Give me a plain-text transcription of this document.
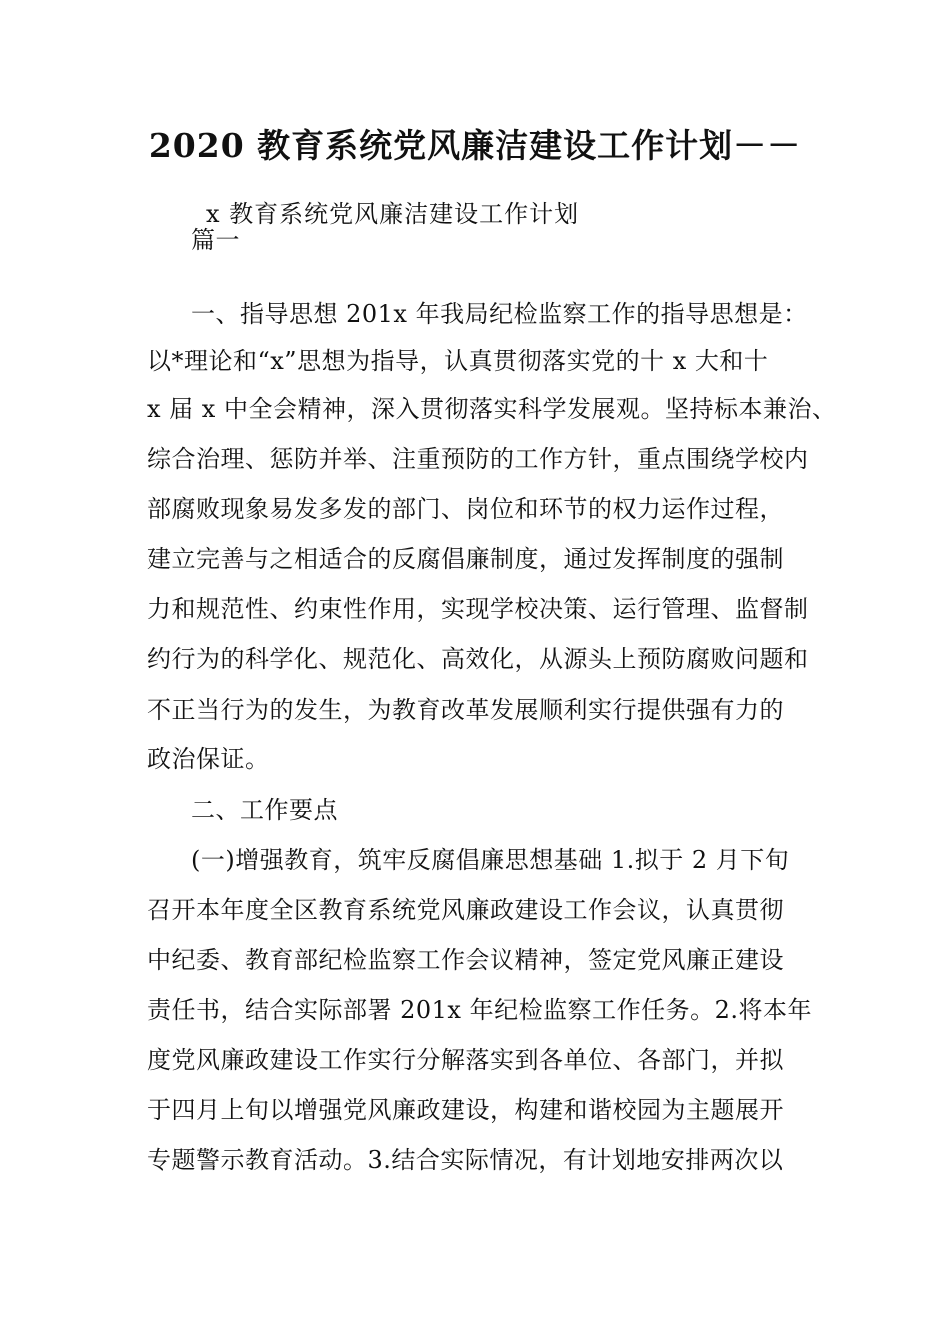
2020 教育系统党风廉洁建设工作计划－－
x 教育系统党风廉洁建设工作计划
篇一
一、指导思想 201x 年我局纪检监察工作的指导思想是：
以*理论和“x”思想为指导，认真贯彻落实党的十 x 大和十
x 届 x 中全会精神，深入贯彻落实科学发展观。坚持标本兼治、
综合治理、惩防并举、注重预防的工作方针，重点围绕学校内
部腐败现象易发多发的部门、岗位和环节的权力运作过程，
建立完善与之相适合的反腐倡廉制度，通过发挥制度的强制
力和规范性、约束性作用，实现学校决策、运行管理、监督制
约行为的科学化、规范化、高效化，从源头上预防腐败问题和
不正当行为的发生，为教育改革发展顺利实行提供强有力的
政治保证。
二、工作要点
(一)增强教育，筑牢反腐倡廉思想基础 1.拟于 2 月下旬
召开本年度全区教育系统党风廉政建设工作会议，认真贯彻
中纪委、教育部纪检监察工作会议精神，签定党风廉正建设
责任书，结合实际部署 201x 年纪检监察工作任务。2.将本年
度党风廉政建设工作实行分解落实到各单位、各部门，并拟
于四月上旬以增强党风廉政建设，构建和谐校园为主题展开
专题警示教育活动。3.结合实际情况，有计划地安排两次以
